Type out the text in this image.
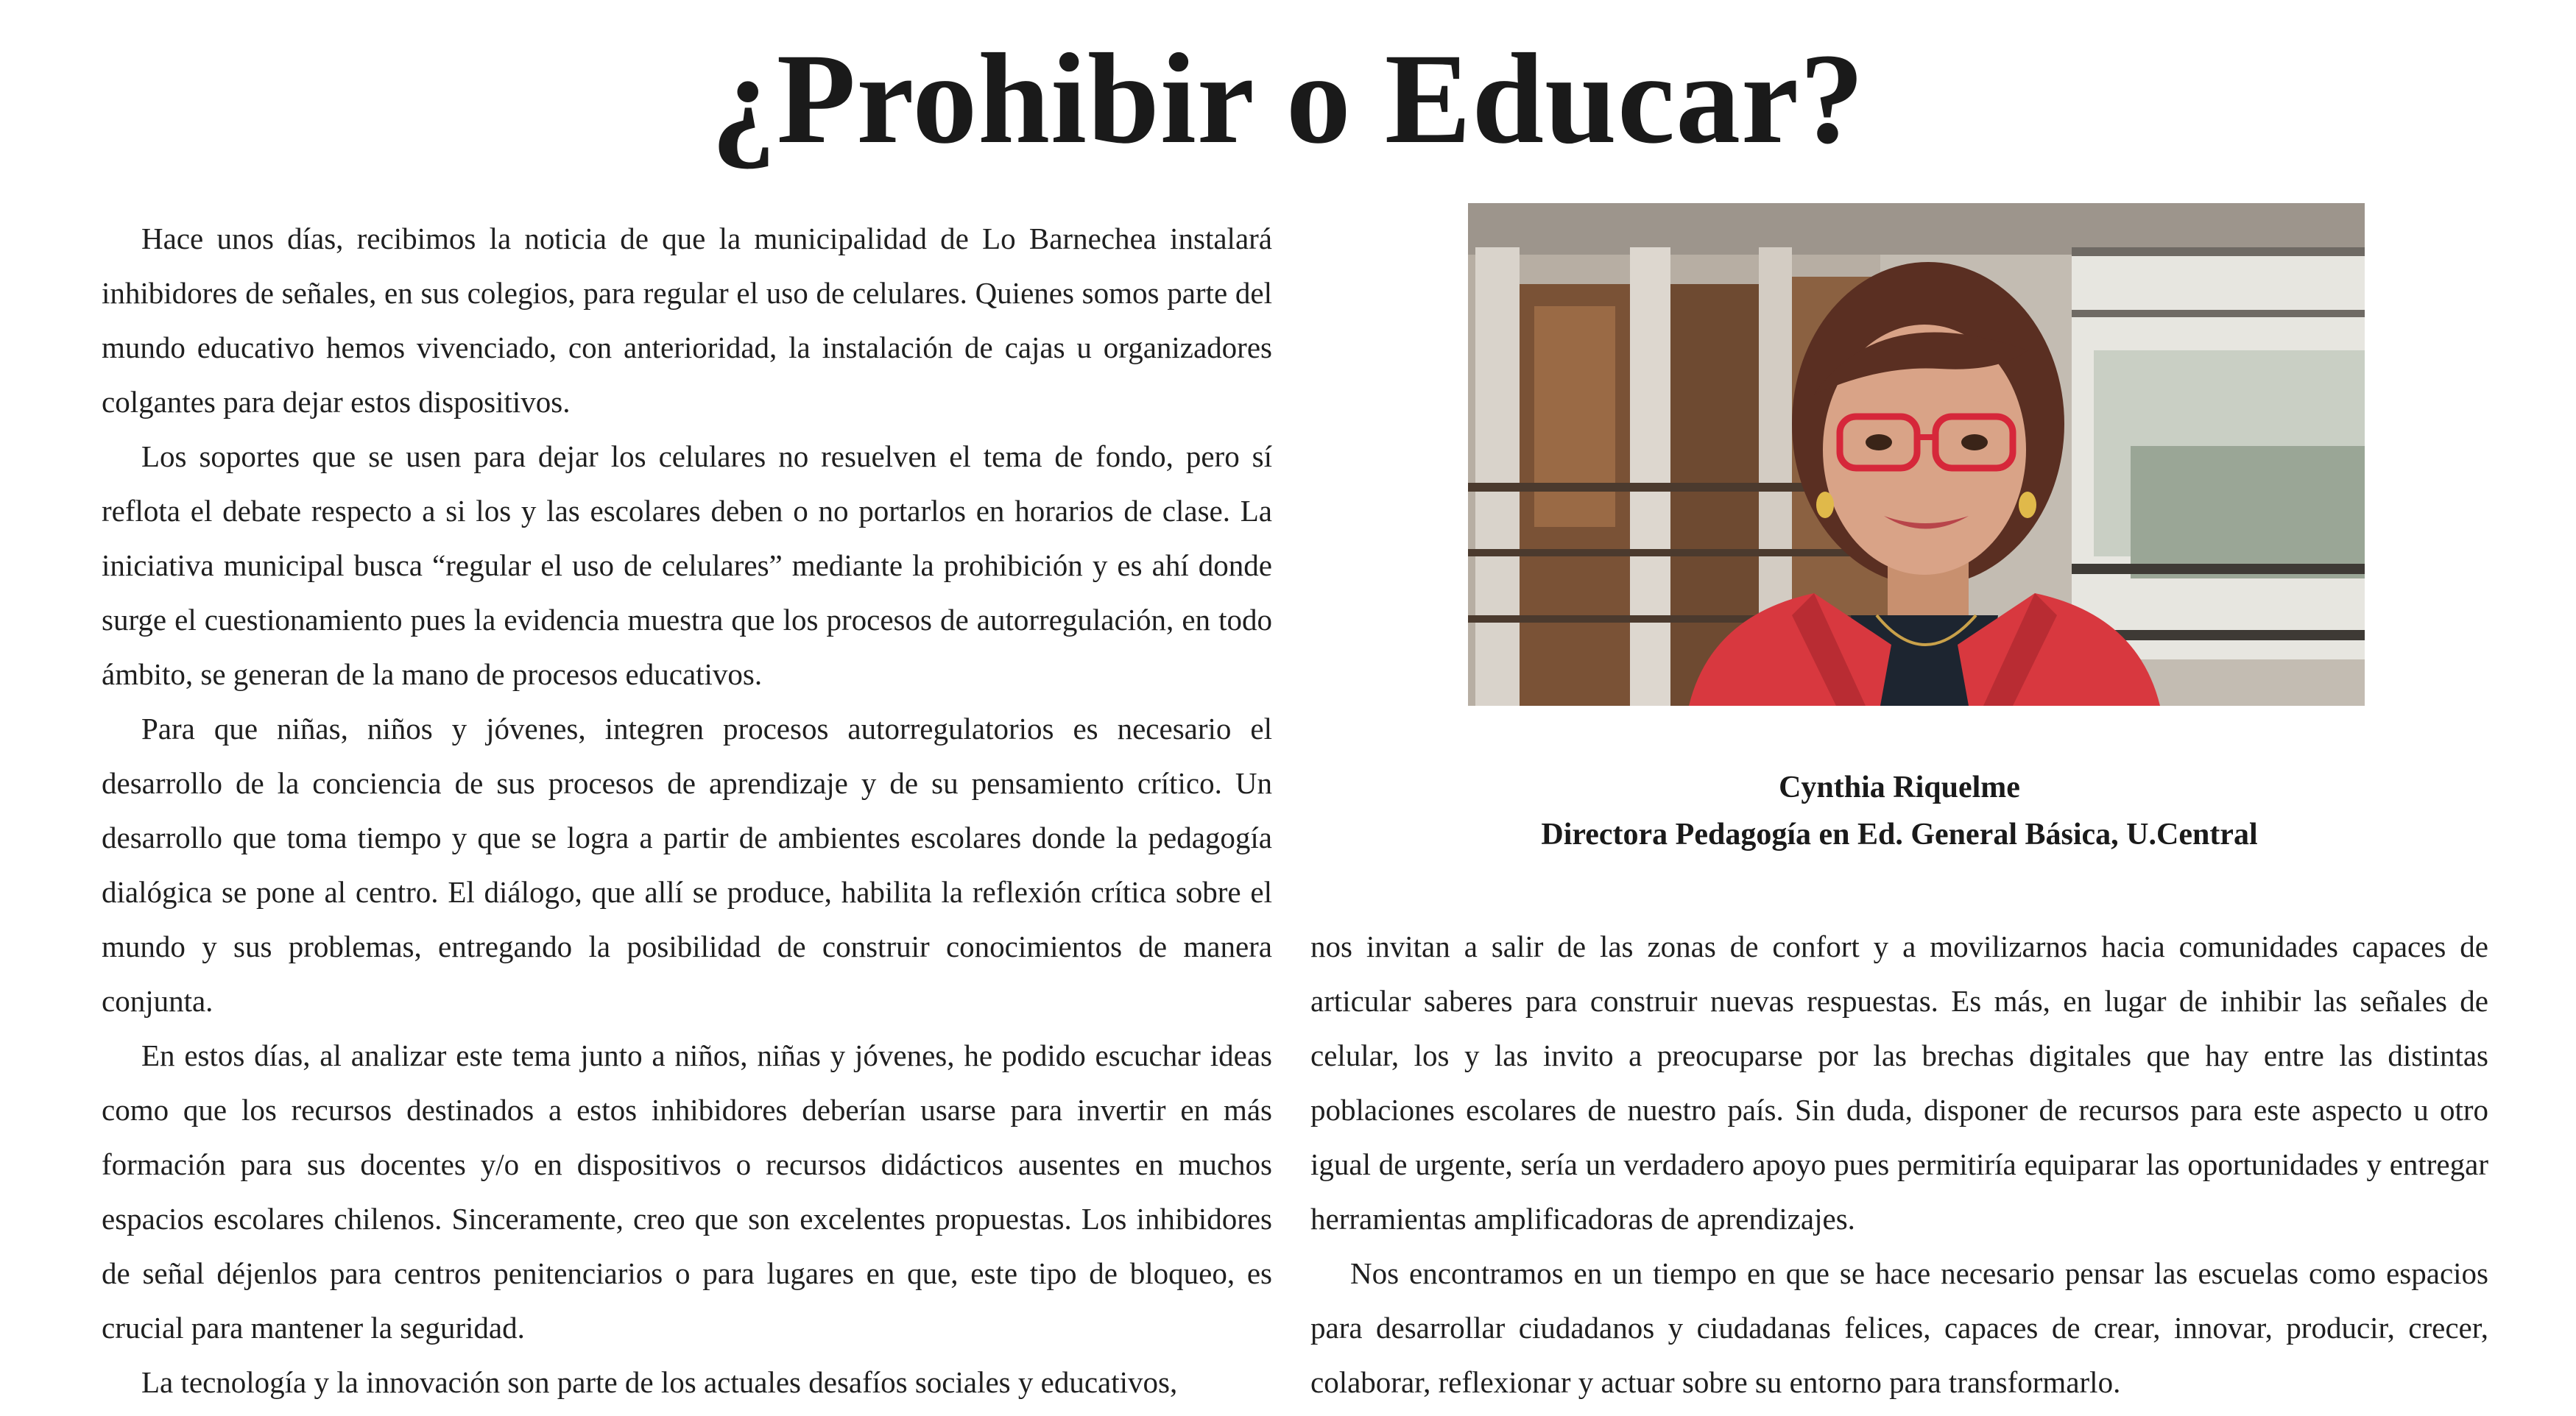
¿Prohibir o Educar?

Hace unos días, recibimos la noticia de que la municipalidad de Lo Barnechea instalará inhibidores de señales, en sus colegios, para regular el uso de celulares. Quienes somos parte del mundo educativo hemos vivenciado, con anterioridad, la instalación de cajas u organizadores colgantes para dejar estos dispositivos.

Los soportes que se usen para dejar los celulares no resuelven el tema de fondo, pero sí reflota el debate respecto a si los y las escolares deben o no portarlos en horarios de clase. La iniciativa municipal busca “regular el uso de celulares” mediante la prohibición y es ahí donde surge el cuestionamiento pues la evidencia muestra que los procesos de autorregulación, en todo ámbito, se generan de la mano de procesos educativos.

Para que niñas, niños y jóvenes, integren procesos autorregulatorios es necesario el desarrollo de la conciencia de sus procesos de aprendizaje y de su pensamiento crítico. Un desarrollo que toma tiempo y que se logra a partir de ambientes escolares donde la pedagogía dialógica se pone al centro. El diálogo, que allí se produce, habilita la reflexión crítica sobre el mundo y sus problemas, entregando la posibilidad de construir conocimientos de manera conjunta.

En estos días, al analizar este tema junto a niños, niñas y jóvenes, he podido escuchar ideas como que los recursos destinados a estos inhibidores deberían usarse para invertir en más formación para sus docentes y/o en dispositivos o recursos didácticos ausentes en muchos espacios escolares chilenos. Sinceramente, creo que son excelentes propuestas. Los inhibidores de señal déjenlos para centros penitenciarios o para lugares en que, este tipo de bloqueo, es crucial para mantener la seguridad.

La tecnología y la innovación son parte de los actuales desafíos sociales y educativos,

Cynthia Riquelme
Directora Pedagogía en Ed. General Básica, U.Central

nos invitan a salir de las zonas de confort y a movilizarnos hacia comunidades capaces de articular saberes para construir nuevas respuestas. Es más, en lugar de inhibir las señales de celular, los y las invito a preocuparse por las brechas digitales que hay entre las distintas poblaciones escolares de nuestro país. Sin duda, disponer de recursos para este aspecto u otro igual de urgente, sería un verdadero apoyo pues permitiría equiparar las oportunidades y entregar herramientas amplificadoras de aprendizajes.

Nos encontramos en un tiempo en que se hace necesario pensar las escuelas como espacios para desarrollar ciudadanos y ciudadanas felices, capaces de crear, innovar, producir, crecer, colaborar, reflexionar y actuar sobre su entorno para transformarlo.
